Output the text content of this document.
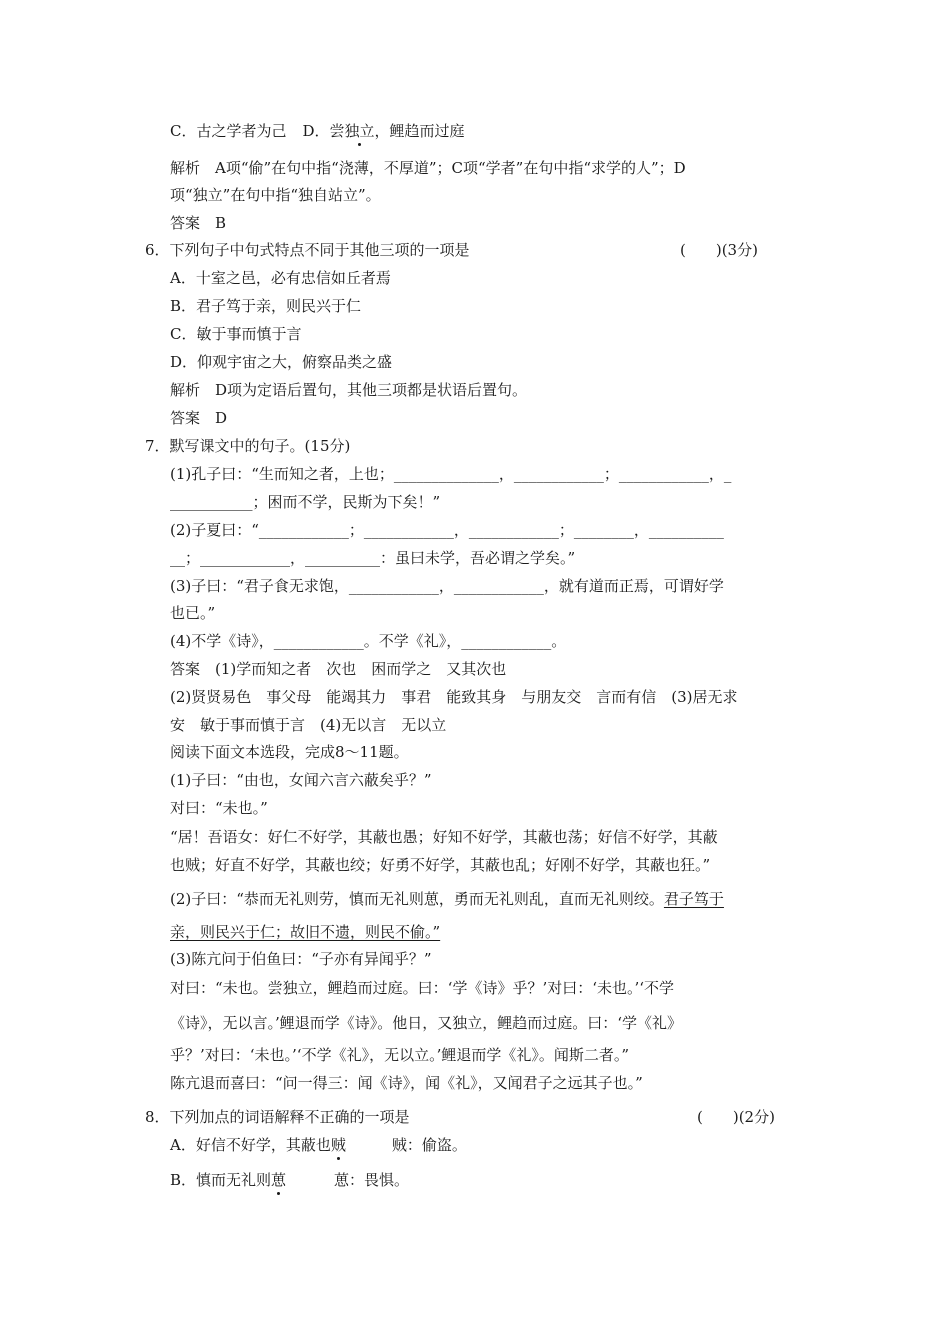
C．古之学者为己 D．尝独立，鲤趋而过庭
解析　A项“偷”在句中指“浇薄，不厚道”；C项“学者”在句中指“求学的人”；D
项“独立”在句中指“独自站立”。
答案　B
6．下列句子中句式特点不同于其他三项的一项是	(　　)(3分)
A．十室之邑，必有忠信如丘者焉
B．君子笃于亲，则民兴于仁
C．敏于事而慎于言
D．仰观宇宙之大，俯察品类之盛
解析　D项为定语后置句，其他三项都是状语后置句。
答案　D
7．默写课文中的句子。(15分)
(1)孔子曰：“生而知之者，上也；______________，____________；____________，_
___________；困而不学，民斯为下矣！”
(2)子夏曰：“____________；____________，____________；________，__________
__；____________，__________：虽曰未学，吾必谓之学矣。”
(3)子曰：“君子食无求饱，____________，____________，就有道而正焉，可谓好学
也已。”
(4)不学《诗》，____________。不学《礼》，____________。
答案　(1)学而知之者　次也　困而学之　又其次也
(2)贤贤易色　事父母　能竭其力　事君　能致其身　与朋友交　言而有信　(3)居无求
安　敏于事而慎于言　(4)无以言　无以立
阅读下面文本选段，完成8～11题。
(1)子曰：“由也，女闻六言六蔽矣乎？”
对曰：“未也。”
“居！吾语女：好仁不好学，其蔽也愚；好知不好学，其蔽也荡；好信不好学，其蔽
也贼；好直不好学，其蔽也绞；好勇不好学，其蔽也乱；好刚不好学，其蔽也狂。”
(2)子曰：“恭而无礼则劳，慎而无礼则葸，勇而无礼则乱，直而无礼则绞。君子笃于
亲，则民兴于仁；故旧不遗，则民不偷。”
(3)陈亢问于伯鱼曰：“子亦有异闻乎？”
对曰：“未也。尝独立，鲤趋而过庭。曰：‘学《诗》乎？’对曰：‘未也。’‘不学
《诗》，无以言。’鲤退而学《诗》。他日，又独立，鲤趋而过庭。曰：‘学《礼》
乎？’对曰：‘未也。’‘不学《礼》，无以立。’鲤退而学《礼》。闻斯二者。”
陈亢退而喜曰：“问一得三：闻《诗》，闻《礼》，又闻君子之远其子也。”
8．下列加点的词语解释不正确的一项是	(　　)(2分)
A．好信不好学，其蔽也贼	贼：偷盗。
B．慎而无礼则葸	葸：畏惧。
